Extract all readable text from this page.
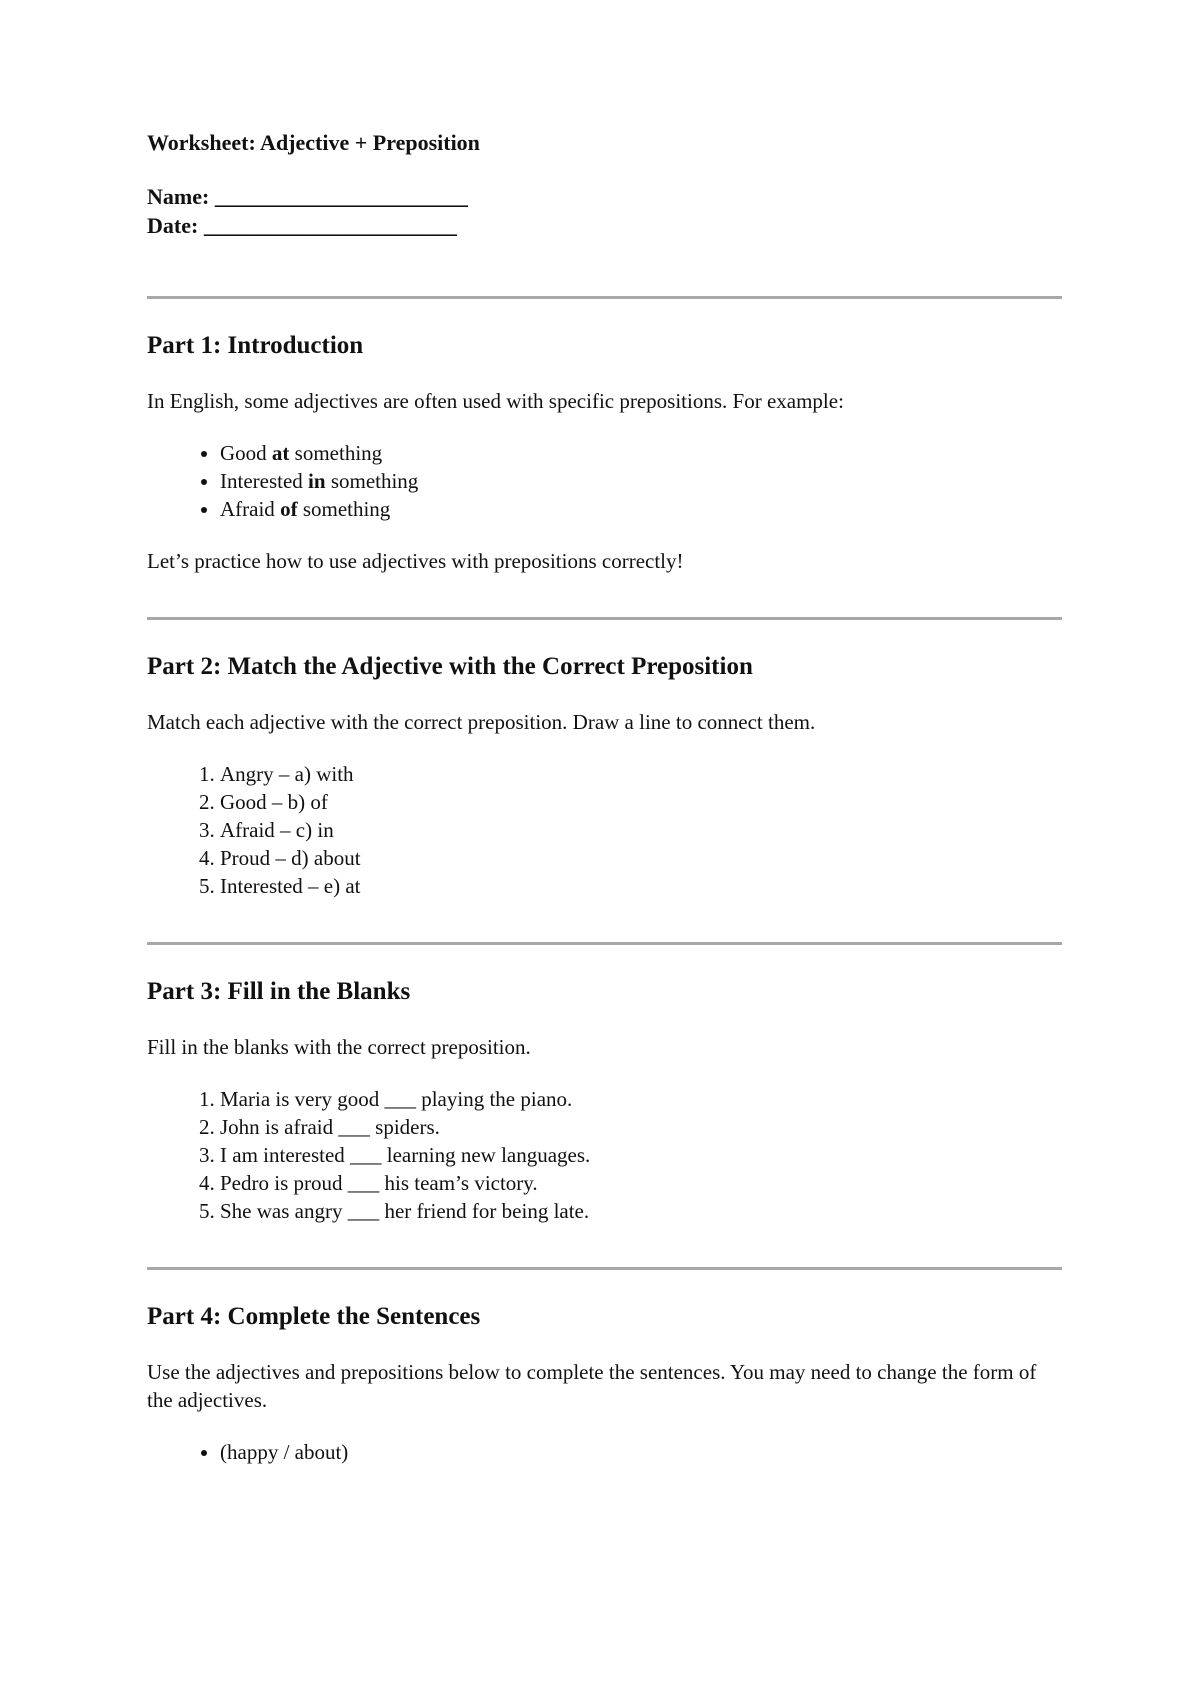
Worksheet: Adjective + Preposition
Name: _______________________
Date: _______________________
Part 1: Introduction

In English, some adjectives are often used with specific prepositions. For example:

• Good at something
• Interested in something
• Afraid of something

Let’s practice how to use adjectives with prepositions correctly!

Part 2: Match the Adjective with the Correct Preposition

Match each adjective with the correct preposition. Draw a line to connect them.

1. Angry – a) with
2. Good – b) of
3. Afraid – c) in
4. Proud – d) about
5. Interested – e) at
Part 3: Fill in the Blanks

Fill in the blanks with the correct preposition.

1. Maria is very good ___ playing the piano.
2. John is afraid ___ spiders.
3. I am interested ___ learning new languages.
4. Pedro is proud ___ his team’s victory.
5. She was angry ___ her friend for being late.
Part 4: Complete the Sentences

Use the adjectives and prepositions below to complete the sentences. You may need to change the form of the adjectives.

• (happy / about)
